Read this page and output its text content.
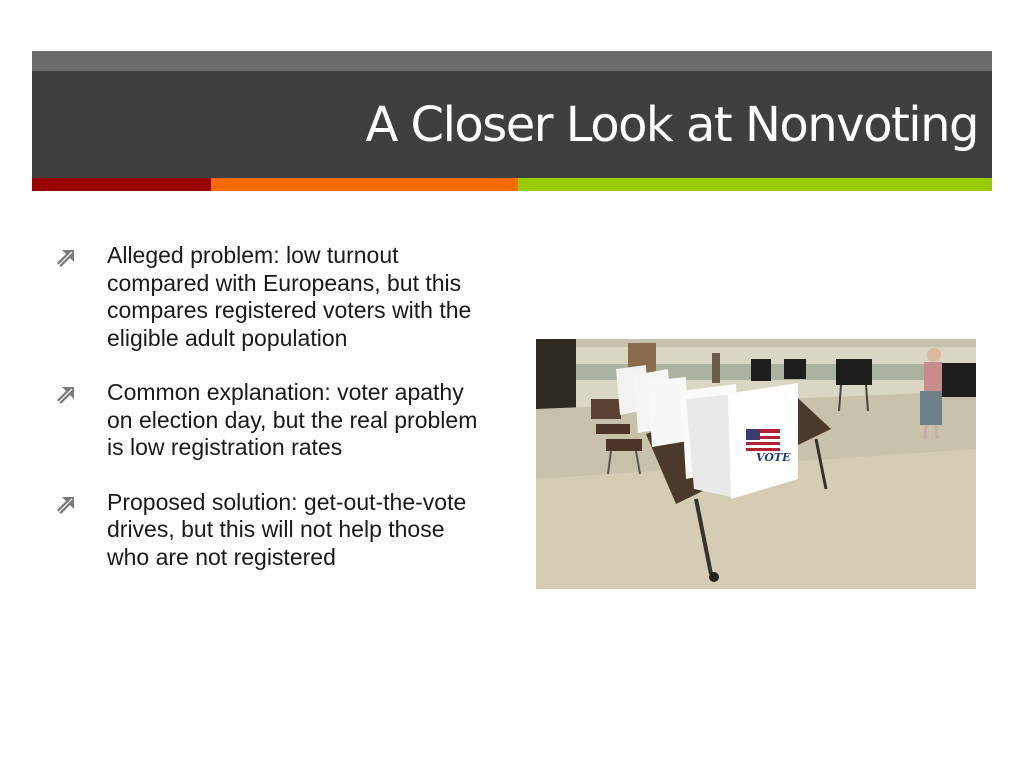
A Closer Look at Nonvoting
Alleged problem: low turnout compared with Europeans, but this compares registered voters with the eligible adult population
Common explanation: voter apathy on election day, but the real problem is low registration rates
Proposed solution: get-out-the-vote drives, but this will not help those who are not registered
VOTE
